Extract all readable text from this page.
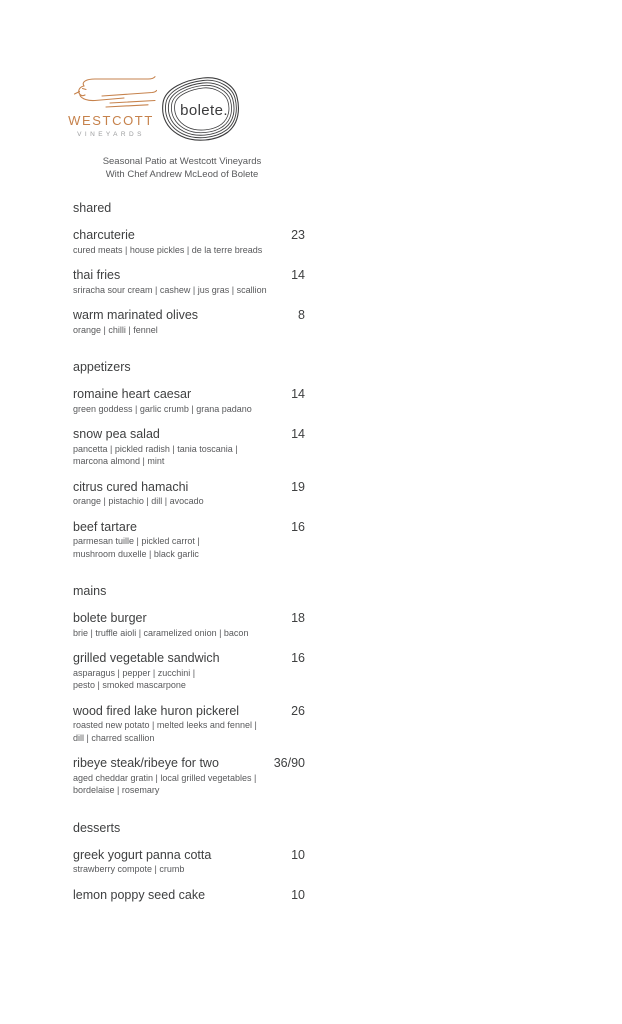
WESTCOTT
VINEYARDS
bolete.
Seasonal Patio at Westcott Vineyards
With Chef Andrew McLeod of Bolete
shared
charcuterie	23
cured meats | house pickles | de la terre breads
thai fries	14
sriracha sour cream | cashew | jus gras | scallion
warm marinated olives	8
orange | chilli | fennel
appetizers
romaine heart caesar	14
green goddess | garlic crumb | grana padano
snow pea salad	14
pancetta | pickled radish | tania toscania |
marcona almond | mint
citrus cured hamachi	19
orange | pistachio | dill | avocado
beef tartare	16
parmesan tuille | pickled carrot |
mushroom duxelle | black garlic
mains
bolete burger	18
brie | truffle aioli | caramelized onion | bacon
grilled vegetable sandwich	16
asparagus | pepper | zucchini |
pesto | smoked mascarpone
wood fired lake huron pickerel	26
roasted new potato | melted leeks and fennel |
dill | charred scallion
ribeye steak/ribeye for two	36/90
aged cheddar gratin | local grilled vegetables |
bordelaise | rosemary
desserts
greek yogurt panna cotta	10
strawberry compote | crumb
lemon poppy seed cake	10
